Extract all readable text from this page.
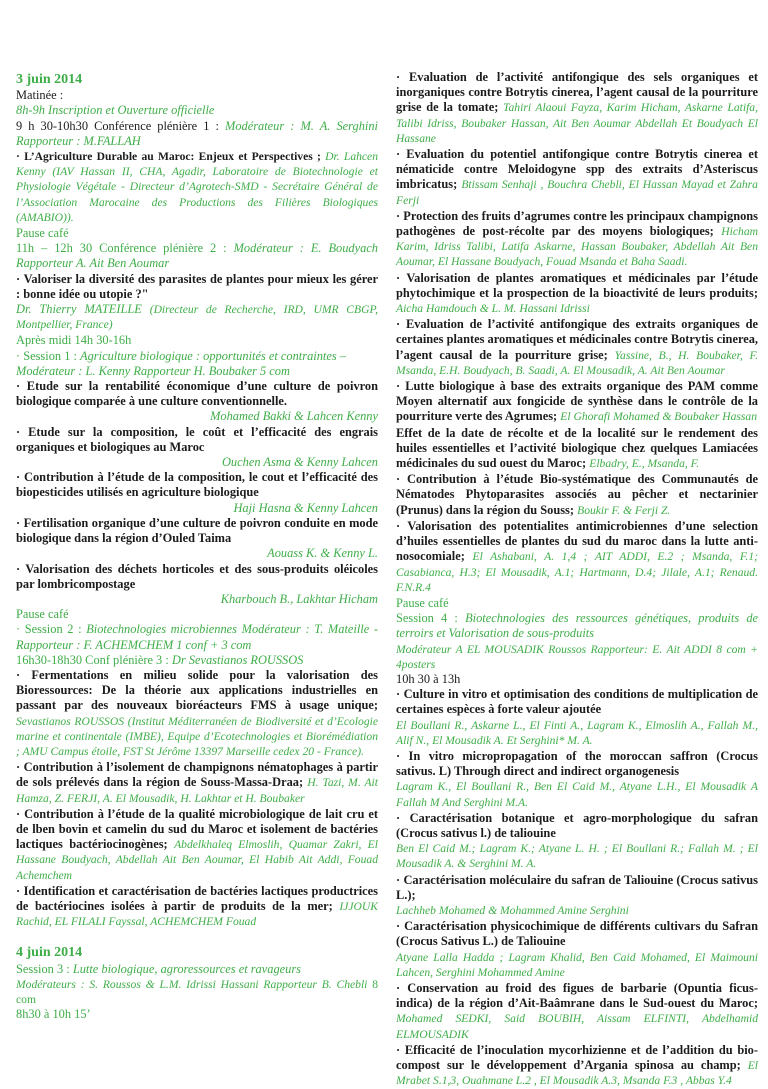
3 juin 2014

Matinée :

8h-9h Inscription et Ouverture officielle

9 h 30-10h30 Conférence plénière 1 : Modérateur : M. A. Serghini Rapporteur : M.FALLAH

· L’Agriculture Durable au Maroc: Enjeux et Perspectives ; Dr. Lahcen Kenny (IAV Hassan II, CHA, Agadir, Laboratoire de Biotechnologie et Physiologie Végétale - Directeur d’Agrotech-SMD - Secrétaire Général de l’Association Marocaine des Productions des Filières Biologiques (AMABIO)).

Pause café

11h – 12h 30 Conférence plénière 2 : Modérateur : E. Boudyach Rapporteur A. Ait Ben Aoumar

· Valoriser la diversité des parasites de plantes pour mieux les gérer : bonne idée ou utopie ?"
Dr. Thierry MATEILLE (Directeur de Recherche, IRD, UMR CBGP, Montpellier, France)

Après midi 14h 30-16h

· Session 1 : Agriculture biologique : opportunités et contraintes –
Modérateur : L. Kenny Rapporteur H. Boubaker 5 com

· Etude sur la rentabilité économique d’une culture de poivron biologique comparée à une culture conventionnelle.

Mohamed Bakki & Lahcen Kenny

· Etude sur la composition, le coût et l’efficacité des engrais organiques et biologiques au Maroc

Ouchen Asma & Kenny Lahcen

· Contribution à l’étude de la composition, le cout et l’efficacité des biopesticides utilisés en agriculture biologique

Haji Hasna & Kenny Lahcen

· Fertilisation organique d’une culture de poivron conduite en mode biologique dans la région d’Ouled Taima

Aouass K. & Kenny L.

· Valorisation des déchets horticoles et des sous-produits oléicoles par lombricompostage

Kharbouch B., Lakhtar Hicham

Pause café

· Session 2 : Biotechnologies microbiennes Modérateur : T. Mateille - Rapporteur : F. ACHEMCHEM 1 conf + 3 com

16h30-18h30 Conf plénière 3 : Dr Sevastianos ROUSSOS

· Fermentations en milieu solide pour la valorisation des Bioressources: De la théorie aux applications industrielles en passant par des nouveaux bioréacteurs FMS à usage unique; Sevastianos ROUSSOS (Institut Méditerranéen de Biodiversité et d’Ecologie marine et continentale (IMBE), Equipe d’Ecotechnologies et Biorémédiation ; AMU Campus étoile, FST St Jérôme 13397 Marseille cedex 20 - France).

· Contribution à l’isolement de champignons nématophages à partir de sols prélevés dans la région de Souss-Massa-Draa; H. Tazi, M. Ait Hamza, Z. FERJI, A. El Mousadik, H. Lakhtar et H. Boubaker

· Contribution à l’étude de la qualité microbiologique de lait cru et de lben bovin et camelin du sud du Maroc et isolement de bactéries lactiques bactériocinogènes; Abdelkhaleq Elmoslih, Quamar Zakri, El Hassane Boudyach, Abdellah Ait Ben Aoumar, El Habib Ait Addi, Fouad Achemchem

· Identification et caractérisation de bactéries lactiques productrices de bactériocines isolées à partir de produits de la mer; IJJOUK Rachid, EL FILALI Fayssal, ACHEMCHEM Fouad

4 juin 2014

Session 3 : Lutte biologique, agroressources et ravageurs

Modérateurs : S. Roussos & L.M. Idrissi Hassani Rapporteur B. Chebli 8 com

8h30 à 10h 15’

· Evaluation de l’activité antifongique des sels organiques et inorganiques contre Botrytis cinerea, l’agent causal de la pourriture grise de la tomate; Tahiri Alaoui Fayza, Karim Hicham, Askarne Latifa, Talibi Idriss, Boubaker Hassan, Ait Ben Aoumar Abdellah Et Boudyach El Hassane

· Evaluation du potentiel antifongique contre Botrytis cinerea et nématicide contre Meloidogyne spp des extraits d’Asteriscus imbricatus; Btissam Senhaji , Bouchra Chebli, El Hassan Mayad et Zahra Ferji

· Protection des fruits d’agrumes contre les principaux champignons pathogènes de post-récolte par des moyens biologiques; Hicham Karim, Idriss Talibi, Latifa Askarne, Hassan Boubaker, Abdellah Ait Ben Aoumar, El Hassane Boudyach, Fouad Msanda et Baha Saadi.

· Valorisation de plantes aromatiques et médicinales par l’étude phytochimique et la prospection de la bioactivité de leurs produits; Aicha Hamdouch & L. M. Hassani Idrissi

· Evaluation de l’activité antifongique des extraits organiques de certaines plantes aromatiques et médicinales contre Botrytis cinerea, l’agent causal de la pourriture grise; Yassine, B., H. Boubaker, F. Msanda, E.H. Boudyach, B. Saadi, A. El Mousadik, A. Ait Ben Aoumar

· Lutte biologique à base des extraits organique des PAM comme Moyen alternatif aux fongicide de synthèse dans le contrôle de la pourriture verte des Agrumes; El Ghorafi Mohamed & Boubaker Hassan

Effet de la date de récolte et de la localité sur le rendement des huiles essentielles et l’activité biologique chez quelques Lamiacées médicinales du sud ouest du Maroc; Elbadry, E., Msanda, F.

· Contribution à l’étude Bio-systématique des Communautés de Nématodes Phytoparasites associés au pêcher et nectarinier (Prunus) dans la région du Souss; Boukir F. & Ferji Z.

· Valorisation des potentialites antimicrobiennes d’une selection d’huiles essentielles de plantes du sud du maroc dans la lutte anti-nosocomiale; El Ashabani, A. 1,4 ; AIT ADDI, E.2 ; Msanda, F.1; Casabianca, H.3; El Mousadik, A.1; Hartmann, D.4; Jilale, A.1; Renaud. F.N.R.4

Pause café

Session 4 : Biotechnologies des ressources génétiques, produits de terroirs et Valorisation de sous-produits

Modérateur A EL MOUSADIK Roussos Rapporteur: E. Ait ADDI 8 com + 4posters

10h 30 à 13h

· Culture in vitro et optimisation des conditions de multiplication de certaines espèces à forte valeur ajoutée
El Boullani R., Askarne L., El Finti A., Lagram K., Elmoslih A., Fallah M., Alif N., El Mousadik A. Et Serghini* M. A.

· In vitro micropropagation of the moroccan saffron (Crocus sativus. L) Through direct and indirect organogenesis
Lagram K., El Boullani R., Ben El Caid M., Atyane L.H., El Mousadik A Fallah M And Serghini M.A.

· Caractérisation botanique et agro-morphologique du safran (Crocus sativus l.) de taliouine
Ben El Caid M.; Lagram K.; Atyane L. H. ; El Boullani R.; Fallah M. ; El Mousadik A. & Serghini M. A.

· Caractérisation moléculaire du safran de Taliouine (Crocus sativus L.);
Lachheb Mohamed & Mohammed Amine Serghini

· Caractérisation physicochimique de différents cultivars du Safran (Crocus Sativus L.) de Taliouine
Atyane Lalla Hadda ; Lagram Khalid, Ben Caid Mohamed, El Maimouni Lahcen, Serghini Mohammed Amine

· Conservation au froid des figues de barbarie (Opuntia ficus-indica) de la région d’Ait-Baâmrane dans le Sud-ouest du Maroc; Mohamed SEDKI, Said BOUBIH, Aissam ELFINTI, Abdelhamid ELMOUSADIK

· Efficacité de l’inoculation mycorhizienne et de l’addition du bio-compost sur le développement d’Argania spinosa au champ; El Mrabet S.1,3, Ouahmane L.2 , El Mousadik A.3, Msanda F.3 , Abbas Y.4
